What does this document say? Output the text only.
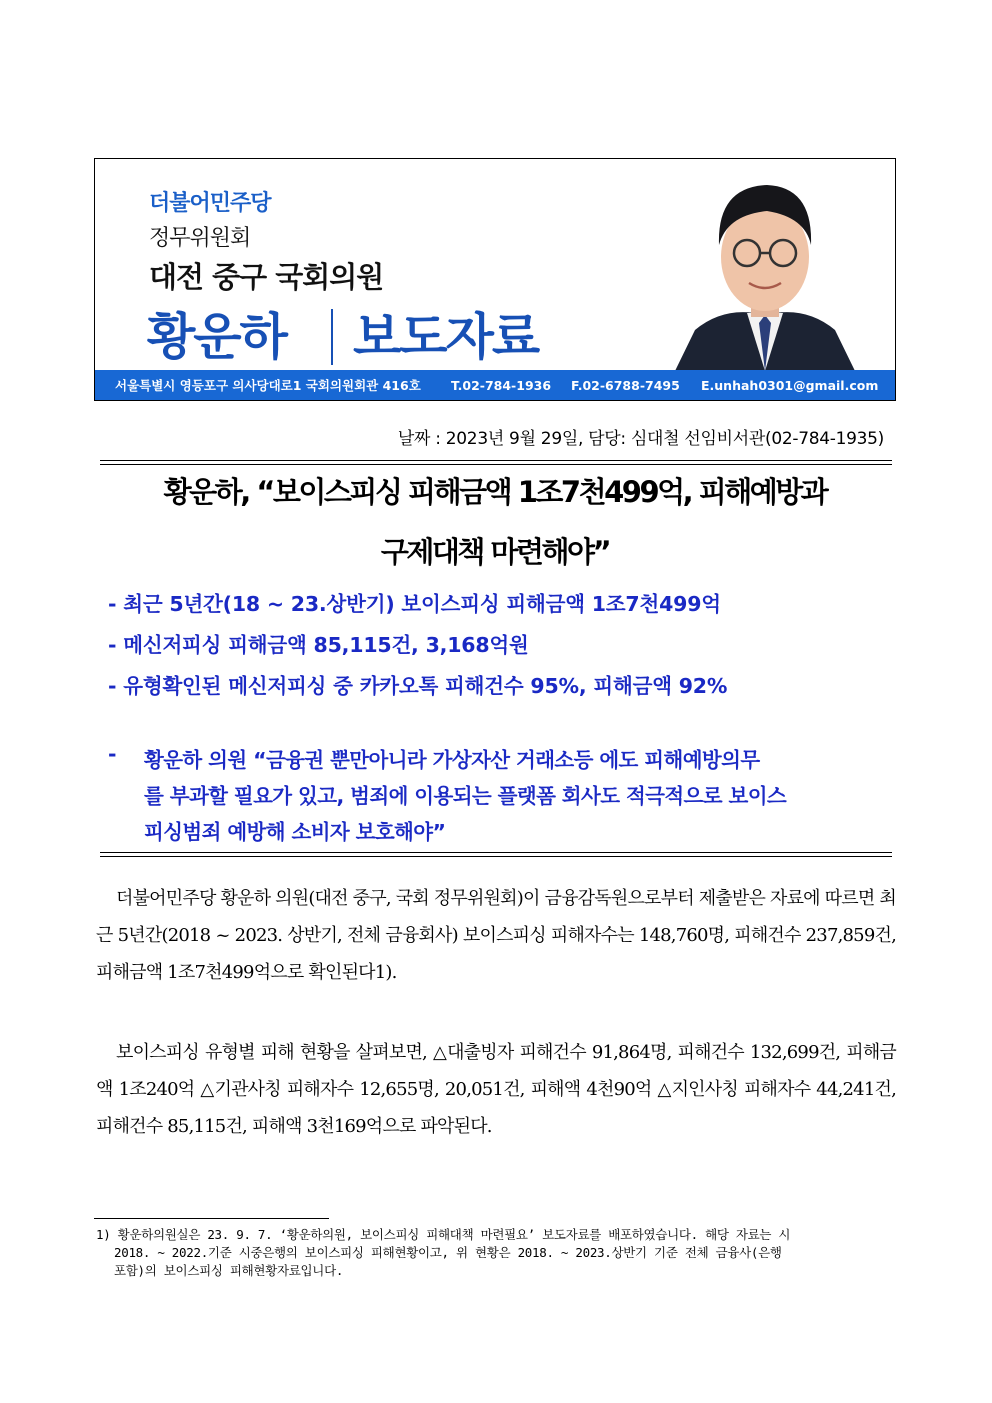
더불어민주당
정무위원회
대전 중구 국회의원
황운하 보도자료
서울특별시 영등포구 의사당대로1 국회의원회관 416호 T.02-784-1936 F.02-6788-7495 E.unhah0301@gmail.com
날짜 : 2023년 9월 29일, 담당: 심대철 선임비서관(02-784-1935)
황운하, “보이스피싱 피해금액 1조7천499억, 피해예방과
구제대책 마련해야”
- 최근 5년간(18 ~ 23.상반기) 보이스피싱 피해금액 1조7천499억
- 메신저피싱 피해금액 85,115건, 3,168억원
- 유형확인된 메신저피싱 중 카카오톡 피해건수 95%, 피해금액 92%
- 황운하 의원 “금융권 뿐만아니라 가상자산 거래소등 에도 피해예방의무
를 부과할 필요가 있고, 범죄에 이용되는 플랫폼 회사도 적극적으로 보이스
피싱범죄 예방해 소비자 보호해야”
더불어민주당 황운하 의원(대전 중구, 국회 정무위원회)이 금융감독원으로부터 제출받은 자료에 따르면 최근 5년간(2018 ~ 2023. 상반기, 전체 금융회사) 보이스피싱 피해자수는 148,760명, 피해건수 237,859건, 피해금액 1조7천499억으로 확인된다1).
보이스피싱 유형별 피해 현황을 살펴보면, △대출빙자 피해건수 91,864명, 피해건수 132,699건, 피해금액 1조240억 △기관사칭 피해자수 12,655명, 20,051건, 피해액 4천90억 △지인사칭 피해자수 44,241건, 피해건수 85,115건, 피해액 3천169억으로 파악된다.
1) 황운하의원실은 23. 9. 7. ‘황운하의원, 보이스피싱 피해대책 마련필요’ 보도자료를 배포하였습니다. 해당 자료는 시
2018. ~ 2022.기준 시중은행의 보이스피싱 피해현황이고, 위 현황은 2018. ~ 2023.상반기 기준 전체 금융사(은행
포함)의 보이스피싱 피해현황자료입니다.
